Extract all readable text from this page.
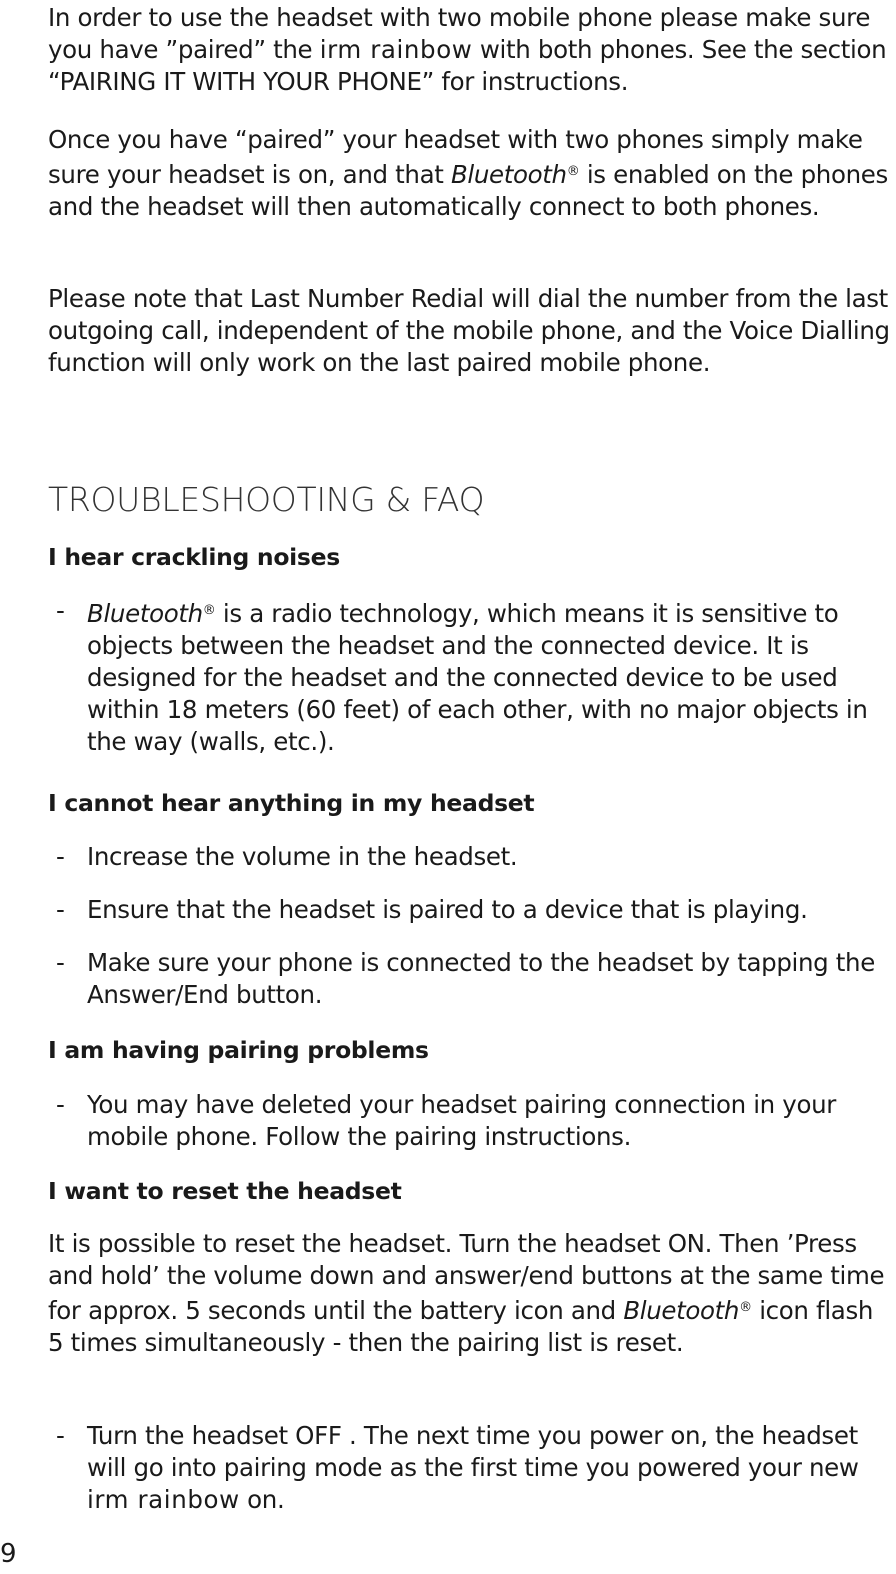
In order to use the headset with two mobile phone please make sure you have ”paired” the irm rainbow with both phones. See the section “PAIRING IT WITH YOUR PHONE” for instructions.

Once you have “paired” your headset with two phones simply make sure your headset is on, and that Bluetooth® is enabled on the phones and the headset will then automatically connect to both phones.

Please note that Last Number Redial will dial the number from the last outgoing call, independent of the mobile phone, and the Voice Dialling function will only work on the last paired mobile phone.

TROUBLESHOOTING & FAQ
I hear crackling noises
- Bluetooth® is a radio technology, which means it is sensitive to objects between the headset and the connected device. It is designed for the headset and the connected device to be used within 18 meters (60 feet) of each other, with no major objects in the way (walls, etc.).
I cannot hear anything in my headset
- Increase the volume in the headset.
- Ensure that the headset is paired to a device that is playing.
- Make sure your phone is connected to the headset by tapping the Answer/End button.
I am having pairing problems
- You may have deleted your headset pairing connection in your mobile phone. Follow the pairing instructions.
I want to reset the headset

It is possible to reset the headset. Turn the headset ON. Then ’Press and hold’ the volume down and answer/end buttons at the same time for approx. 5 seconds until the battery icon and Bluetooth® icon flash 5 times simultaneously - then the pairing list is reset.

- Turn the headset OFF . The next time you power on, the headset will go into pairing mode as the first time you powered your new irm rainbow on.

9
